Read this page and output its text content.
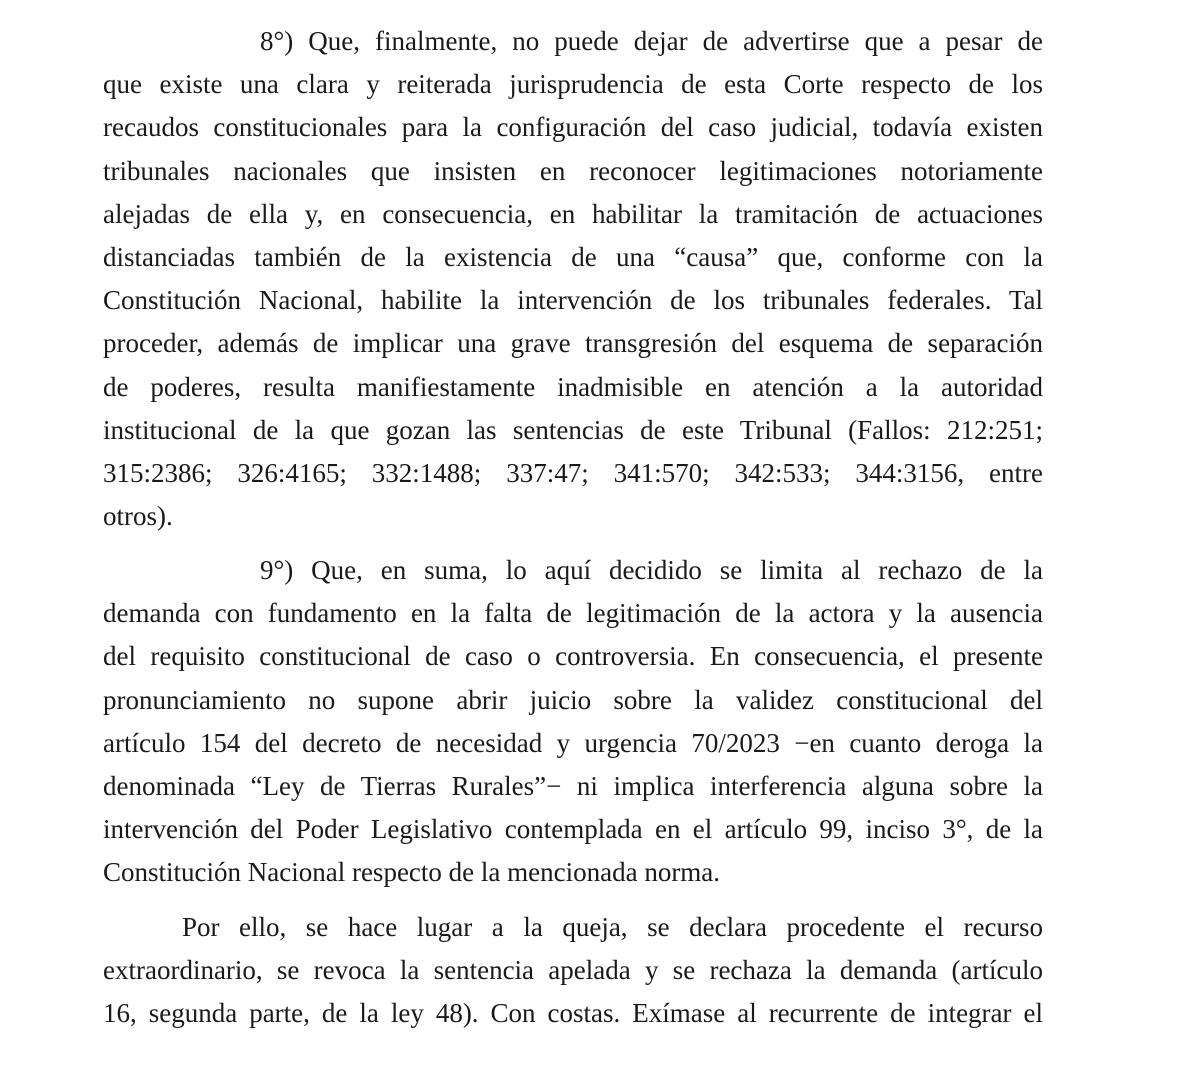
8°) Que, finalmente, no puede dejar de advertirse que a pesar de
que existe una clara y reiterada jurisprudencia de esta Corte respecto de los
recaudos constitucionales para la configuración del caso judicial, todavía existen
tribunales nacionales que insisten en reconocer legitimaciones notoriamente
alejadas de ella y, en consecuencia, en habilitar la tramitación de actuaciones
distanciadas también de la existencia de una “causa” que, conforme con la
Constitución Nacional, habilite la intervención de los tribunales federales. Tal
proceder, además de implicar una grave transgresión del esquema de separación
de poderes, resulta manifiestamente inadmisible en atención a la autoridad
institucional de la que gozan las sentencias de este Tribunal (Fallos: 212:251;
315:2386; 326:4165; 332:1488; 337:47; 341:570; 342:533; 344:3156, entre
otros).
9°) Que, en suma, lo aquí decidido se limita al rechazo de la
demanda con fundamento en la falta de legitimación de la actora y la ausencia
del requisito constitucional de caso o controversia. En consecuencia, el presente
pronunciamiento no supone abrir juicio sobre la validez constitucional del
artículo 154 del decreto de necesidad y urgencia 70/2023 −en cuanto deroga la
denominada “Ley de Tierras Rurales”− ni implica interferencia alguna sobre la
intervención del Poder Legislativo contemplada en el artículo 99, inciso 3°, de la
Constitución Nacional respecto de la mencionada norma.
Por ello, se hace lugar a la queja, se declara procedente el recurso
extraordinario, se revoca la sentencia apelada y se rechaza la demanda (artículo
16, segunda parte, de la ley 48). Con costas. Exímase al recurrente de integrar el
